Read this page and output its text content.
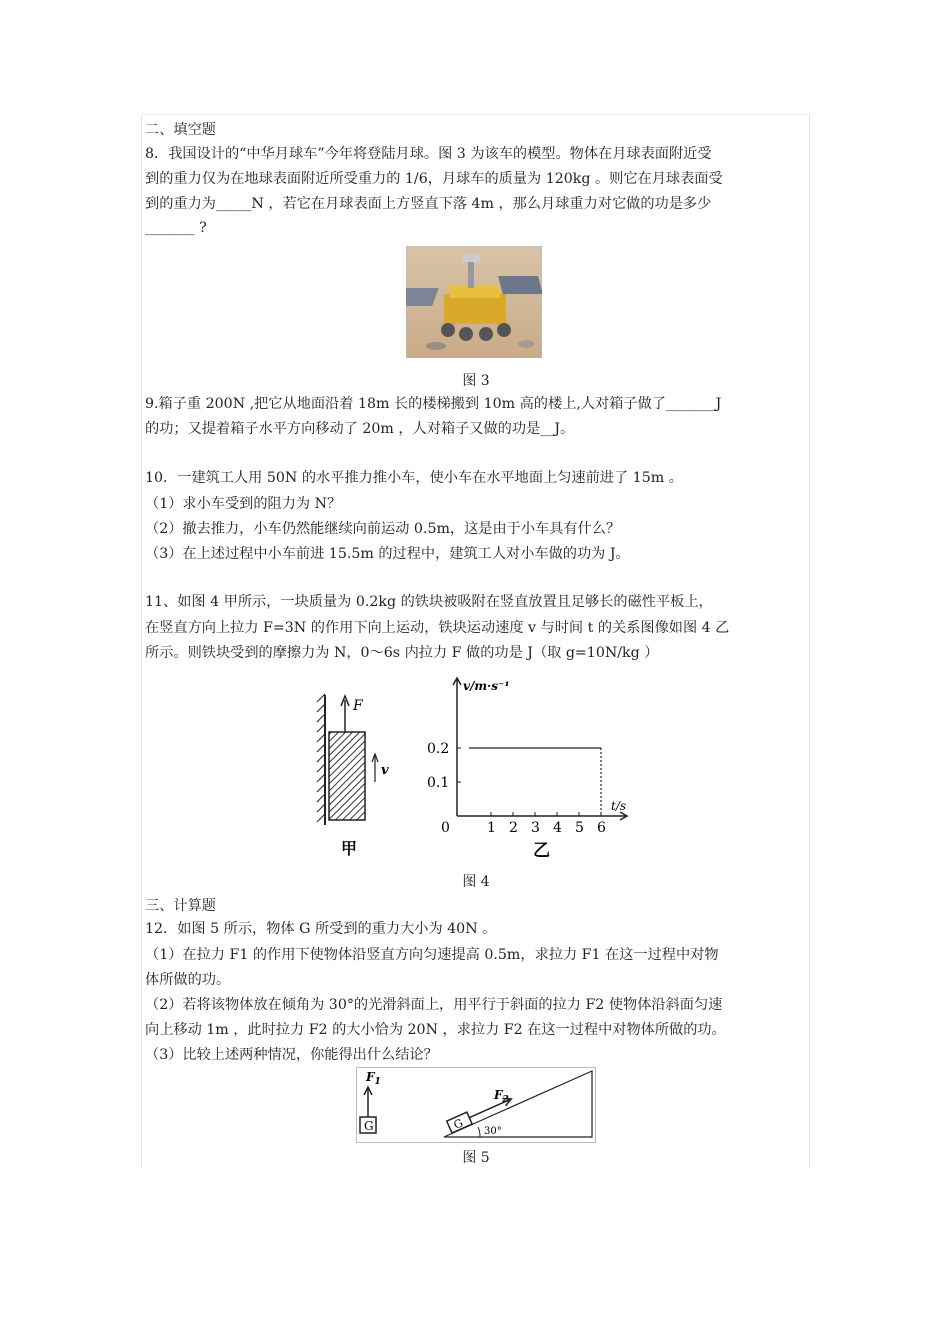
二、填空题
8．我国设计的“中华月球车”今年将登陆月球。图 3 为该车的模型。物体在月球表面附近受
到的重力仅为在地球表面附近所受重力的 1/6，月球车的质量为 120kg 。则它在月球表面受
到的重力为_____N ，若它在月球表面上方竖直下落 4m ，那么月球重力对它做的功是多少
_______ ?
图 3
9.箱子重 200N ,把它从地面沿着 18m 长的楼梯搬到 10m 高的楼上,人对箱子做了_______J
的功；又提着箱子水平方向移动了 20m ，人对箱子又做的功是__J。
10．一建筑工人用 50N 的水平推力推小车，使小车在水平地面上匀速前进了 15m 。
（1）求小车受到的阻力为 N？
（2）撤去推力，小车仍然能继续向前运动 0.5m，这是由于小车具有什么？
（3）在上述过程中小车前进 15.5m 的过程中，建筑工人对小车做的功为 J。
11、如图 4 甲所示，一块质量为 0.2kg 的铁块被吸附在竖直放置且足够长的磁性平板上，
在竖直方向上拉力 F=3N 的作用下向上运动，铁块运动速度 v 与时间 t 的关系图像如图 4 乙
所示。则铁块受到的摩擦力为 N，0～6s 内拉力 F 做的功是 J（取 g=10N/kg ）
F
v
甲
v/m·s⁻¹
t/s
0	1 2 3 4 5 6
0.1
0.2
乙
图 4
三、计算题
12．如图 5 所示，物体 G 所受到的重力大小为 40N 。
（1）在拉力 F1 的作用下使物体沿竖直方向匀速提高 0.5m，求拉力 F1 在这一过程中对物
体所做的功。
（2）若将该物体放在倾角为 30°的光滑斜面上，用平行于斜面的拉力 F2 使物体沿斜面匀速
向上移动 1m ，此时拉力 F2 的大小恰为 20N ，求拉力 F2 在这一过程中对物体所做的功。
（3）比较上述两种情况，你能得出什么结论？
G
$F_1$
G
$F_2$
30°
图 5
